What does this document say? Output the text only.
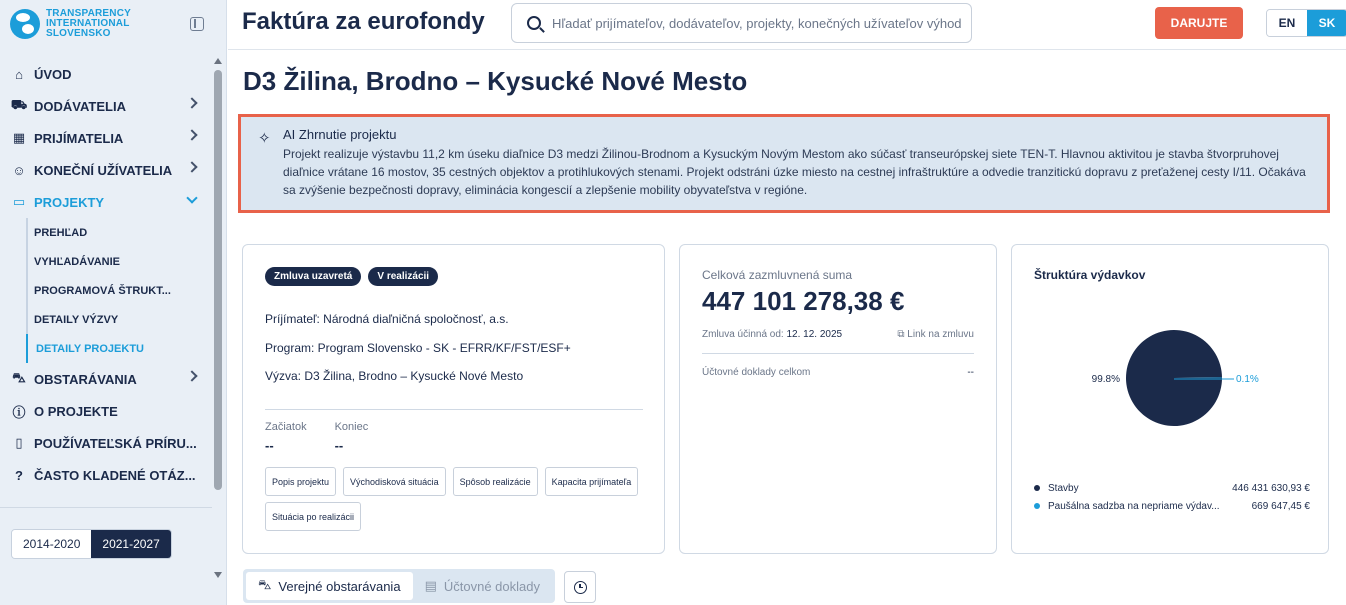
TRANSPARENCY
INTERNATIONAL
SLOVENSKO
⌂ ÚVOD
⛟ DODÁVATELIA
▦ PRIJÍMATELIA
☺ KONEČNÍ UŽÍVATELIA
▭ PROJEKTY
PREHĽAD
VYHĽADÁVANIE
PROGRAMOVÁ ŠTRUKT...
DETAILY VÝZVY
DETAILY PROJEKTU
⛍ OBSTARÁVANIA
ⓘ O PROJEKTE
▯ POUŽÍVATEĽSKÁ PRÍRU...
? ČASTO KLADENÉ OTÁZ...
2014-2020	2021-2027
Faktúra za eurofondy	Hľadať prijímateľov, dodávateľov, projekty, konečných užívateľov výhod	DARUJTE	EN	SK
D3 Žilina, Brodno – Kysucké Nové Mesto
✧ AI Zhrnutie projektu
Projekt realizuje výstavbu 11,2 km úseku diaľnice D3 medzi Žilinou-Brodnom a Kysuckým Novým Mestom ako súčasť transeurópskej siete TEN-T. Hlavnou aktivitou je stavba štvorpruhovej diaľnice vrátane 16 mostov, 35 cestných objektov a protihlukových stenami. Projekt odstráni úzke miesto na cestnej infraštruktúre a odvedie tranzitickú dopravu z preťaženej cesty I/11. Očakáva sa zvýšenie bezpečnosti dopravy, eliminácia kongescií a zlepšenie mobility obyvateľstva v regióne.
Zmluva uzavretá	V realizácii
Príjímateľ: Národná diaľničná spoločnosť, a.s.
Program: Program Slovensko - SK - EFRR/KF/FST/ESF+
Výzva: D3 Žilina, Brodno – Kysucké Nové Mesto
Začiatok
--
Koniec
--
Popis projektu	Východisková situácia	Spôsob realizácie	Kapacita prijímateľa
Situácia po realizácii
Celková zazmluvnená suma
447 101 278,38 €
Zmluva účinná od: 12. 12. 2025	⧉ Link na zmluvu
Účtovné doklady celkom	--
Štruktúra výdavkov
99.8%	0.1%
Stavby	446 431 630,93 €
Paušálna sadzba na nepriame výdav...	669 647,45 €
⛍ Verejné obstarávania ▤ Účtovné doklady
